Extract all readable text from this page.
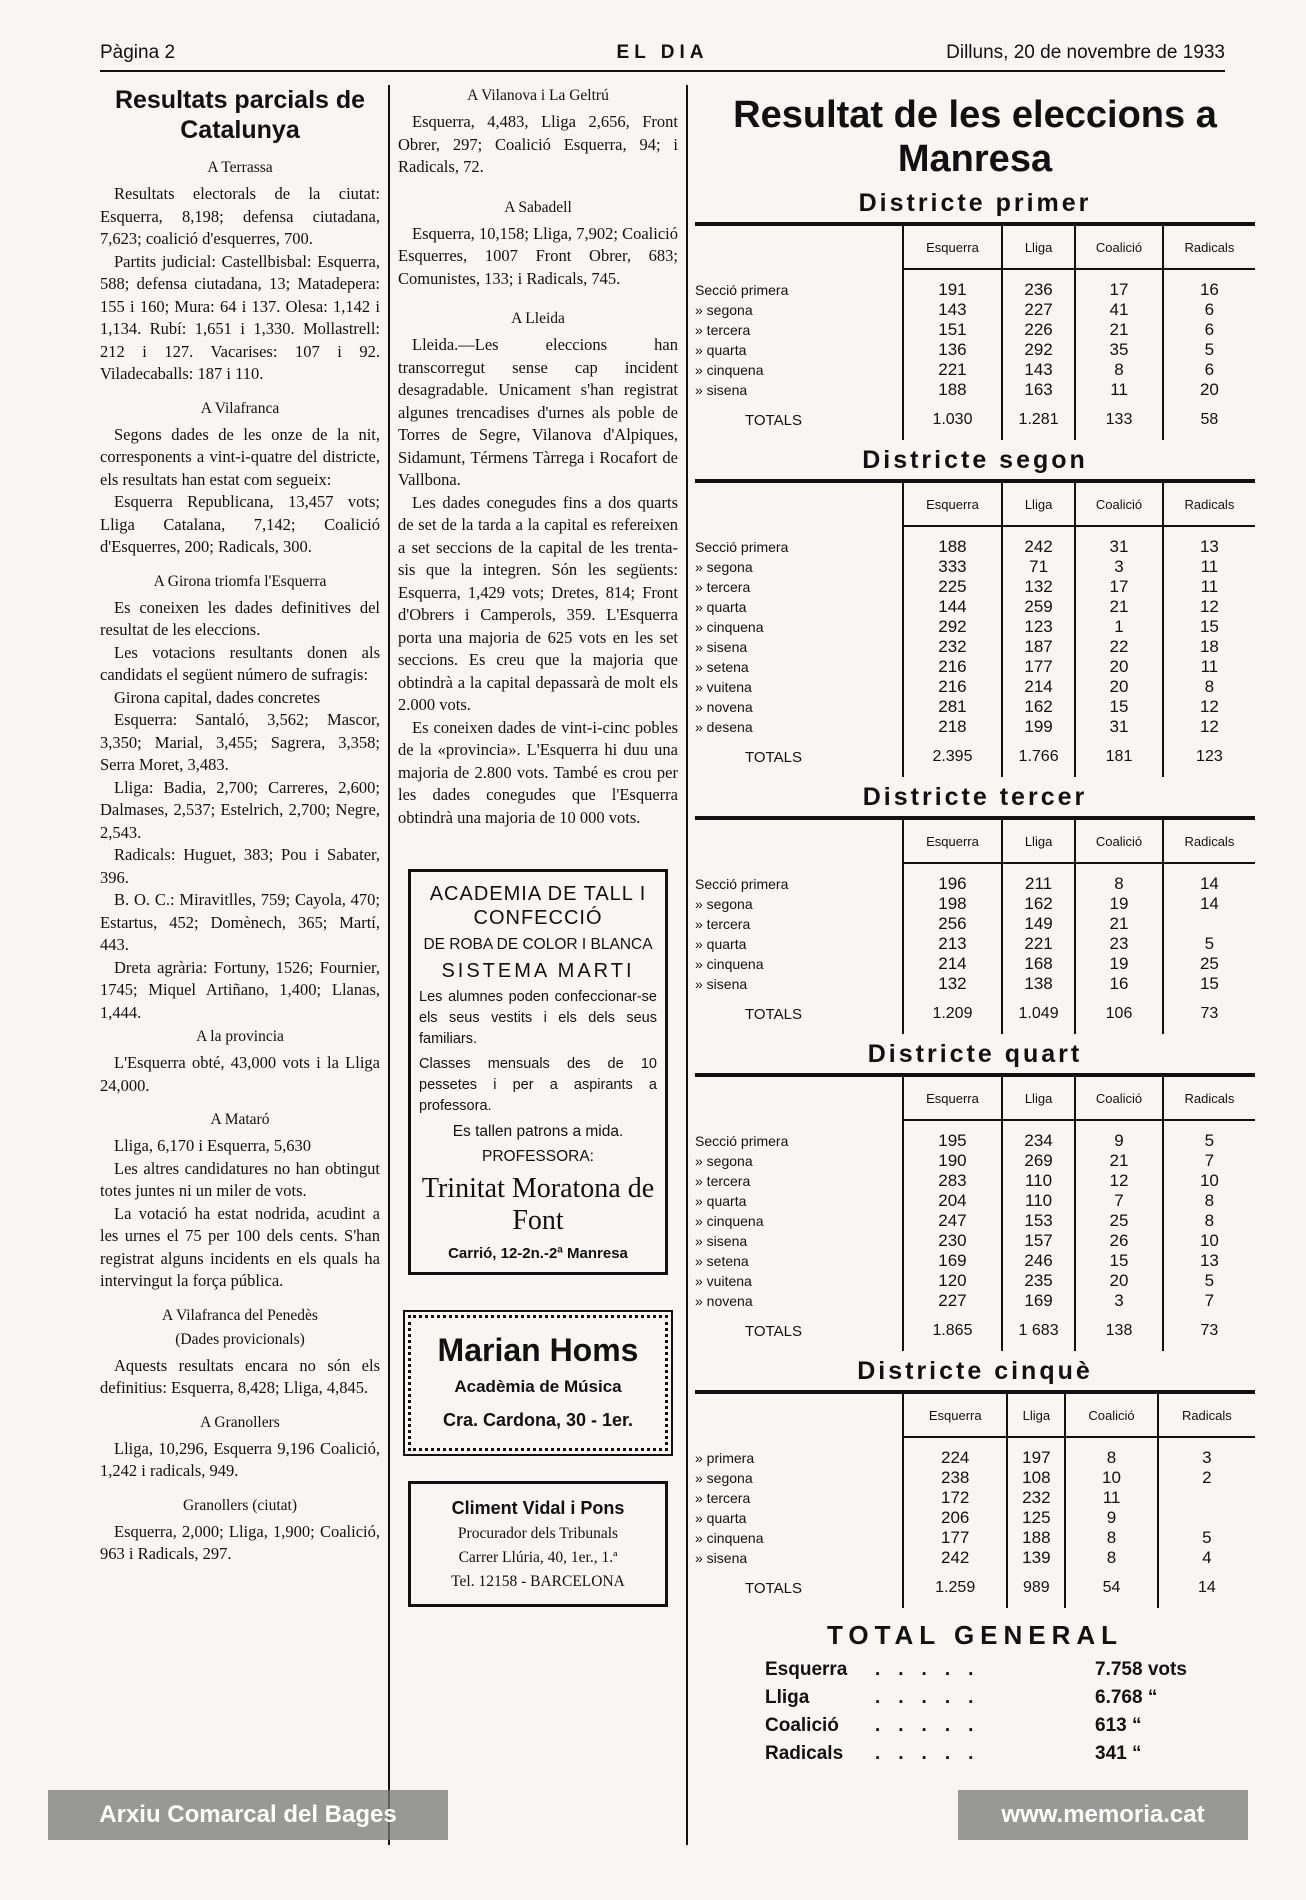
Pàgina 2	EL DIA	Dilluns, 20 de novembre de 1933
Resultats parcials de Catalunya
A Terrassa

Resultats electorals de la ciutat: Esquerra, 8,198; defensa ciutadana, 7,623; coalició d'esquerres, 700.

Partits judicial: Castellbisbal: Esquerra, 588; defensa ciutadana, 13; Matadepera: 155 i 160; Mura: 64 i 137. Olesa: 1,142 i 1,134. Rubí: 1,651 i 1,330. Mollastrell: 212 i 127. Vacarises: 107 i 92. Viladecaballs: 187 i 110.

A Vilafranca

Segons dades de les onze de la nit, corresponents a vint-i-quatre del districte, els resultats han estat com segueix:

Esquerra Republicana, 13,457 vots; Lliga Catalana, 7,142; Coalició d'Esquerres, 200; Radicals, 300.

A Girona triomfa l'Esquerra

Es coneixen les dades definitives del resultat de les eleccions.

Les votacions resultants donen als candidats el següent número de sufragis:

Girona capital, dades concretes

Esquerra: Santaló, 3,562; Mascor, 3,350; Marial, 3,455; Sagrera, 3,358; Serra Moret, 3,483.

Lliga: Badia, 2,700; Carreres, 2,600; Dalmases, 2,537; Estelrich, 2,700; Negre, 2,543.

Radicals: Huguet, 383; Pou i Sabater, 396.

B. O. C.: Miravitlles, 759; Cayola, 470; Estartus, 452; Domènech, 365; Martí, 443.

Dreta agrària: Fortuny, 1526; Fournier, 1745; Miquel Artiñano, 1,400; Llanas, 1,444.

A la provincia

L'Esquerra obté, 43,000 vots i la Lliga 24,000.

A Mataró

Lliga, 6,170 i Esquerra, 5,630

Les altres candidatures no han obtingut totes juntes ni un miler de vots.

La votació ha estat nodrida, acudint a les urnes el 75 per 100 dels cents. S'han registrat alguns incidents en els quals ha intervingut la força pública.

A Vilafranca del Penedès
(Dades provicionals)

Aquests resultats encara no són els definitius: Esquerra, 8,428; Lliga, 4,845.

A Granollers

Lliga, 10,296, Esquerra 9,196 Coalició, 1,242 i radicals, 949.

Granollers (ciutat)

Esquerra, 2,000; Lliga, 1,900; Coalició, 963 i Radicals, 297.

A Vilanova i La Geltrú

Esquerra, 4,483, Lliga 2,656, Front Obrer, 297; Coalició Esquerra, 94; i Radicals, 72.

A Sabadell

Esquerra, 10,158; Lliga, 7,902; Coalició Esquerres, 1007 Front Obrer, 683; Comunistes, 133; i Radicals, 745.

A Lleida

Lleida.—Les eleccions han transcorregut sense cap incident desagradable. Unicament s'han registrat algunes trencadises d'urnes als poble de Torres de Segre, Vilanova d'Alpiques, Sidamunt, Térmens Tàrrega i Rocafort de Vallbona.

Les dades conegudes fins a dos quarts de set de la tarda a la capital es refereixen a set seccions de la capital de les trenta-sis que la integren. Són les següents: Esquerra, 1,429 vots; Dretes, 814; Front d'Obrers i Camperols, 359. L'Esquerra porta una majoria de 625 vots en les set seccions. Es creu que la majoria que obtindrà a la capital depassarà de molt els 2.000 vots.

Es coneixen dades de vint-i-cinc pobles de la «provincia». L'Esquerra hi duu una majoria de 2.800 vots. També es crou per les dades conegudes que l'Esquerra obtindrà una majoria de 10 000 vots.

ACADEMIA DE TALL I CONFECCIÓ
DE ROBA DE COLOR I BLANCA
SISTEMA MARTI
Les alumnes poden confeccionar-se els seus vestits i els dels seus familiars.
Classes mensuals des de 10 pessetes i per a aspirants a professora.
Es tallen patrons a mida.
PROFESSORA:
Trinitat Moratona de Font
Carrió, 12-2n.-2ª Manresa
Marian Homs
Acadèmia de Música
Cra. Cardona, 30 - 1er.
Climent Vidal i Pons
Procurador dels Tribunals
Carrer Llúria, 40, 1er., 1.ª
Tel. 12158 - BARCELONA
Resultat de les eleccions a Manresa
Districte primer
	Esquerra	Lliga	Coalició	Radicals
Secció primera	191	236	17	16
» segona	143	227	41	6
» tercera	151	226	21	6
» quarta	136	292	35	5
» cinquena	221	143	8	6
» sisena	188	163	11	20
TOTALS	1.030	1.281	133	58
Districte segon
	Esquerra	Lliga	Coalició	Radicals
Secció primera	188	242	31	13
» segona	333	71	3	11
» tercera	225	132	17	11
» quarta	144	259	21	12
» cinquena	292	123	1	15
» sisena	232	187	22	18
» setena	216	177	20	11
» vuitena	216	214	20	8
» novena	281	162	15	12
» desena	218	199	31	12
TOTALS	2.395	1.766	181	123
Districte tercer
	Esquerra	Lliga	Coalició	Radicals
Secció primera	196	211	8	14
» segona	198	162	19	14
» tercera	256	149	21	
» quarta	213	221	23	5
» cinquena	214	168	19	25
» sisena	132	138	16	15
TOTALS	1.209	1.049	106	73
Districte quart
	Esquerra	Lliga	Coalició	Radicals
Secció primera	195	234	9	5
» segona	190	269	21	7
» tercera	283	110	12	10
» quarta	204	110	7	8
» cinquena	247	153	25	8
» sisena	230	157	26	10
» setena	169	246	15	13
» vuitena	120	235	20	5
» novena	227	169	3	7
TOTALS	1.865	1 683	138	73
Districte cinquè
	Esquerra	Lliga	Coalició	Radicals
» primera	224	197	8	3
» segona	238	108	10	2
» tercera	172	232	11	
» quarta	206	125	9	
» cinquena	177	188	8	5
» sisena	242	139	8	4
TOTALS	1.259	989	54	14
TOTAL GENERAL
Esquerra .....	7.758 vots
Lliga	.....	6.768 “
Coalició .....	613 “
Radicals .....	341 “
Arxiu Comarcal del Bages	www.memoria.cat
